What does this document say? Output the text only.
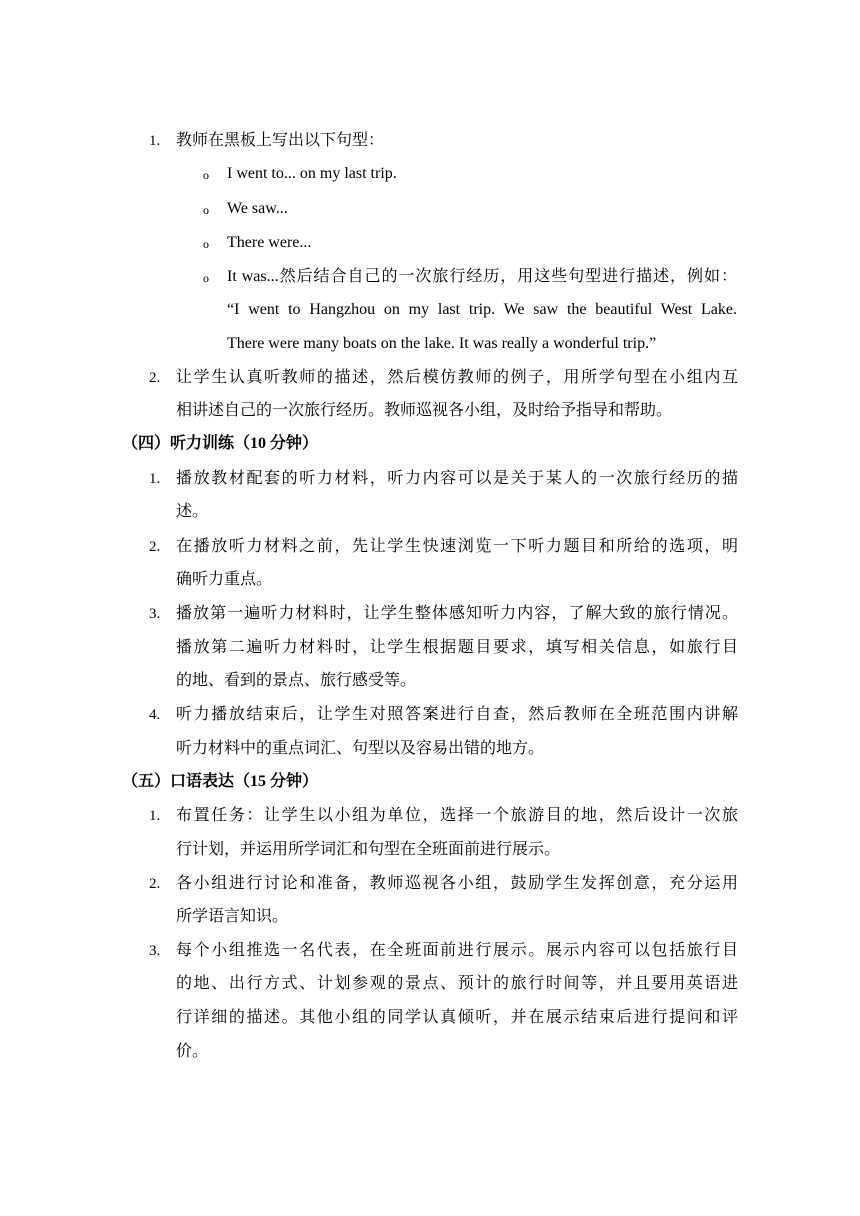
1. 教师在黑板上写出以下句型：
o I went to... on my last trip.
o We saw...
o There were...
o It was...然后结合自己的一次旅行经历，用这些句型进行描述，例如：
“I went to Hangzhou on my last trip. We saw the beautiful West Lake.
There were many boats on the lake. It was really a wonderful trip.”
2. 让学生认真听教师的描述，然后模仿教师的例子，用所学句型在小组内互
相讲述自己的一次旅行经历。教师巡视各小组，及时给予指导和帮助。
（四）听力训练（10 分钟）
1. 播放教材配套的听力材料，听力内容可以是关于某人的一次旅行经历的描
述。
2. 在播放听力材料之前，先让学生快速浏览一下听力题目和所给的选项，明
确听力重点。
3. 播放第一遍听力材料时，让学生整体感知听力内容，了解大致的旅行情况。
播放第二遍听力材料时，让学生根据题目要求，填写相关信息，如旅行目
的地、看到的景点、旅行感受等。
4. 听力播放结束后，让学生对照答案进行自查，然后教师在全班范围内讲解
听力材料中的重点词汇、句型以及容易出错的地方。
（五）口语表达（15 分钟）
1. 布置任务：让学生以小组为单位，选择一个旅游目的地，然后设计一次旅
行计划，并运用所学词汇和句型在全班面前进行展示。
2. 各小组进行讨论和准备，教师巡视各小组，鼓励学生发挥创意，充分运用
所学语言知识。
3. 每个小组推选一名代表，在全班面前进行展示。展示内容可以包括旅行目
的地、出行方式、计划参观的景点、预计的旅行时间等，并且要用英语进
行详细的描述。其他小组的同学认真倾听，并在展示结束后进行提问和评
价。
